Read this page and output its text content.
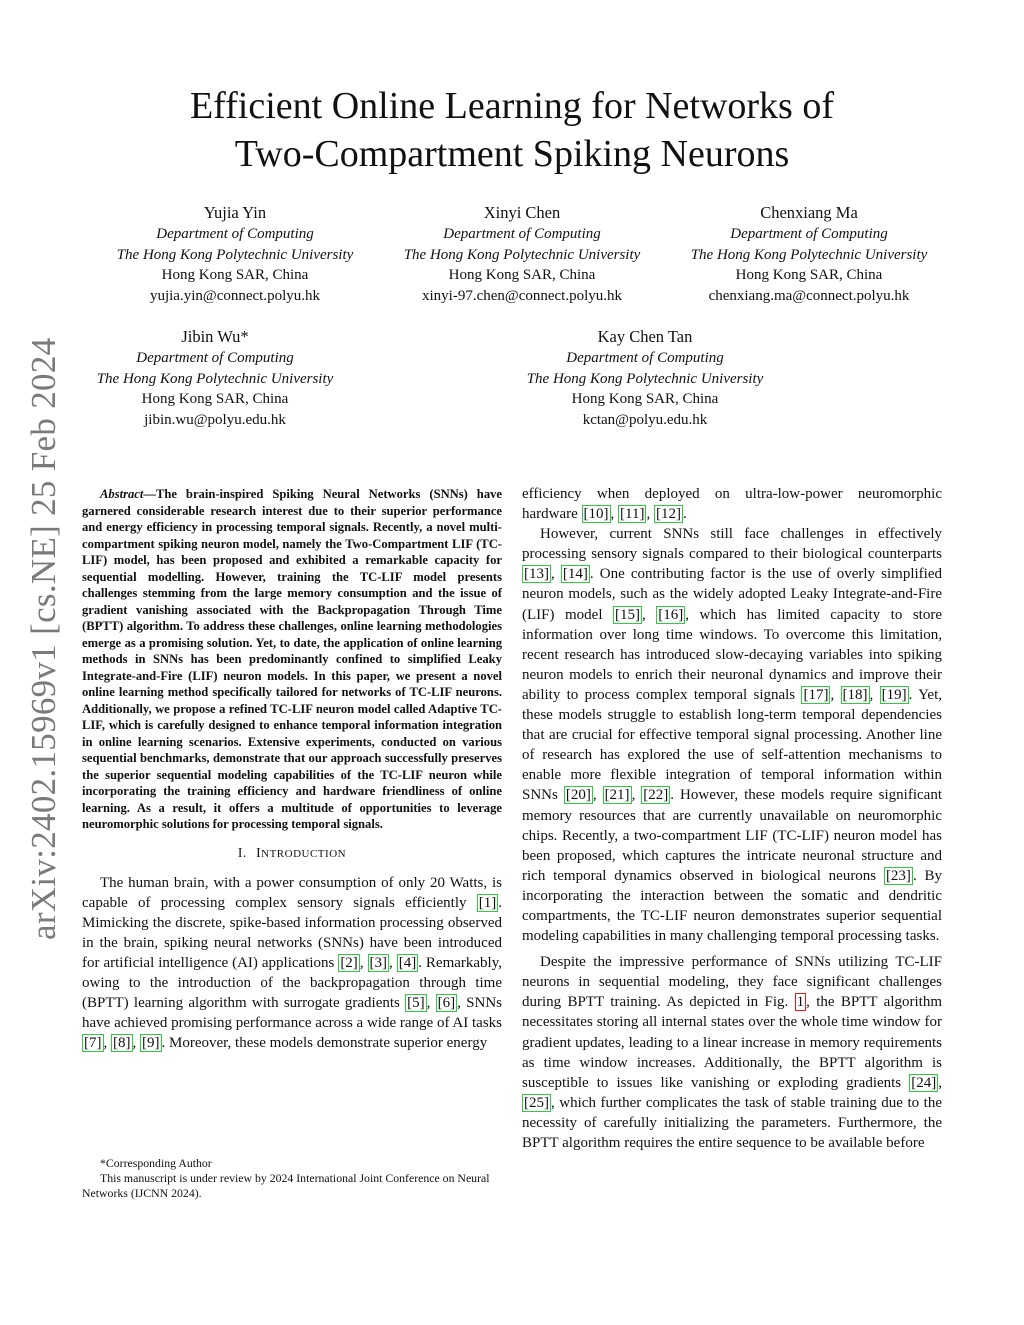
arXiv:2402.15969v1 [cs.NE] 25 Feb 2024
Efficient Online Learning for Networks of
Two-Compartment Spiking Neurons
Yujia Yin
Department of Computing
The Hong Kong Polytechnic University
Hong Kong SAR, China
yujia.yin@connect.polyu.hk
Xinyi Chen
Department of Computing
The Hong Kong Polytechnic University
Hong Kong SAR, China
xinyi-97.chen@connect.polyu.hk
Chenxiang Ma
Department of Computing
The Hong Kong Polytechnic University
Hong Kong SAR, China
chenxiang.ma@connect.polyu.hk
Jibin Wu*
Department of Computing
The Hong Kong Polytechnic University
Hong Kong SAR, China
jibin.wu@polyu.edu.hk
Kay Chen Tan
Department of Computing
The Hong Kong Polytechnic University
Hong Kong SAR, China
kctan@polyu.edu.hk

Abstract—The brain-inspired Spiking Neural Networks (SNNs) have garnered considerable research interest due to their superior performance and energy efficiency in processing temporal signals. Recently, a novel multi-compartment spiking neuron model, namely the Two-Compartment LIF (TC-LIF) model, has been proposed and exhibited a remarkable capacity for sequential modelling. However, training the TC-LIF model presents challenges stemming from the large memory consumption and the issue of gradient vanishing associated with the Backpropagation Through Time (BPTT) algorithm. To address these challenges, online learning methodologies emerge as a promising solution. Yet, to date, the application of online learning methods in SNNs has been predominantly confined to simplified Leaky Integrate-and-Fire (LIF) neuron models. In this paper, we present a novel online learning method specifically tailored for networks of TC-LIF neurons. Additionally, we propose a refined TC-LIF neuron model called Adaptive TC-LIF, which is carefully designed to enhance temporal information integration in online learning scenarios. Extensive experiments, conducted on various sequential benchmarks, demonstrate that our approach successfully preserves the superior sequential modeling capabilities of the TC-LIF neuron while incorporating the training efficiency and hardware friendliness of online learning. As a result, it offers a multitude of opportunities to leverage neuromorphic solutions for processing temporal signals.

I. INTRODUCTION

The human brain, with a power consumption of only 20 Watts, is capable of processing complex sensory signals efficiently [1] . Mimicking the discrete, spike-based information processing observed in the brain, spiking neural networks (SNNs) have been introduced for artificial intelligence (AI) applications [2] , [3] , [4] . Remarkably, owing to the introduction of the backpropagation through time (BPTT) learning algorithm with surrogate gradients [5] , [6] , SNNs have achieved promising performance across a wide range of AI tasks [7] , [8] , [9] . Moreover, these models demonstrate superior energy

*Corresponding Author

This manuscript is under review by 2024 International Joint Conference on Neural Networks (IJCNN 2024).

efficiency when deployed on ultra-low-power neuromorphic hardware [10] , [11] , [12] .

However, current SNNs still face challenges in effectively processing sensory signals compared to their biological counterparts [13] , [14] . One contributing factor is the use of overly simplified neuron models, such as the widely adopted Leaky Integrate-and-Fire (LIF) model [15] , [16] , which has limited capacity to store information over long time windows. To overcome this limitation, recent research has introduced slow-decaying variables into spiking neuron models to enrich their neuronal dynamics and improve their ability to process complex temporal signals [17] , [18] , [19] . Yet, these models struggle to establish long-term temporal dependencies that are crucial for effective temporal signal processing. Another line of research has explored the use of self-attention mechanisms to enable more flexible integration of temporal information within SNNs [20] , [21] , [22] . However, these models require significant memory resources that are currently unavailable on neuromorphic chips. Recently, a two-compartment LIF (TC-LIF) neuron model has been proposed, which captures the intricate neuronal structure and rich temporal dynamics observed in biological neurons [23] . By incorporating the interaction between the somatic and dendritic compartments, the TC-LIF neuron demonstrates superior sequential modeling capabilities in many challenging temporal processing tasks.

Despite the impressive performance of SNNs utilizing TC-LIF neurons in sequential modeling, they face significant challenges during BPTT training. As depicted in Fig. 1 , the BPTT algorithm necessitates storing all internal states over the whole time window for gradient updates, leading to a linear increase in memory requirements as time window increases. Additionally, the BPTT algorithm is susceptible to issues like vanishing or exploding gradients [24] , [25] , which further complicates the task of stable training due to the necessity of carefully initializing the parameters. Furthermore, the BPTT algorithm requires the entire sequence to be available before
